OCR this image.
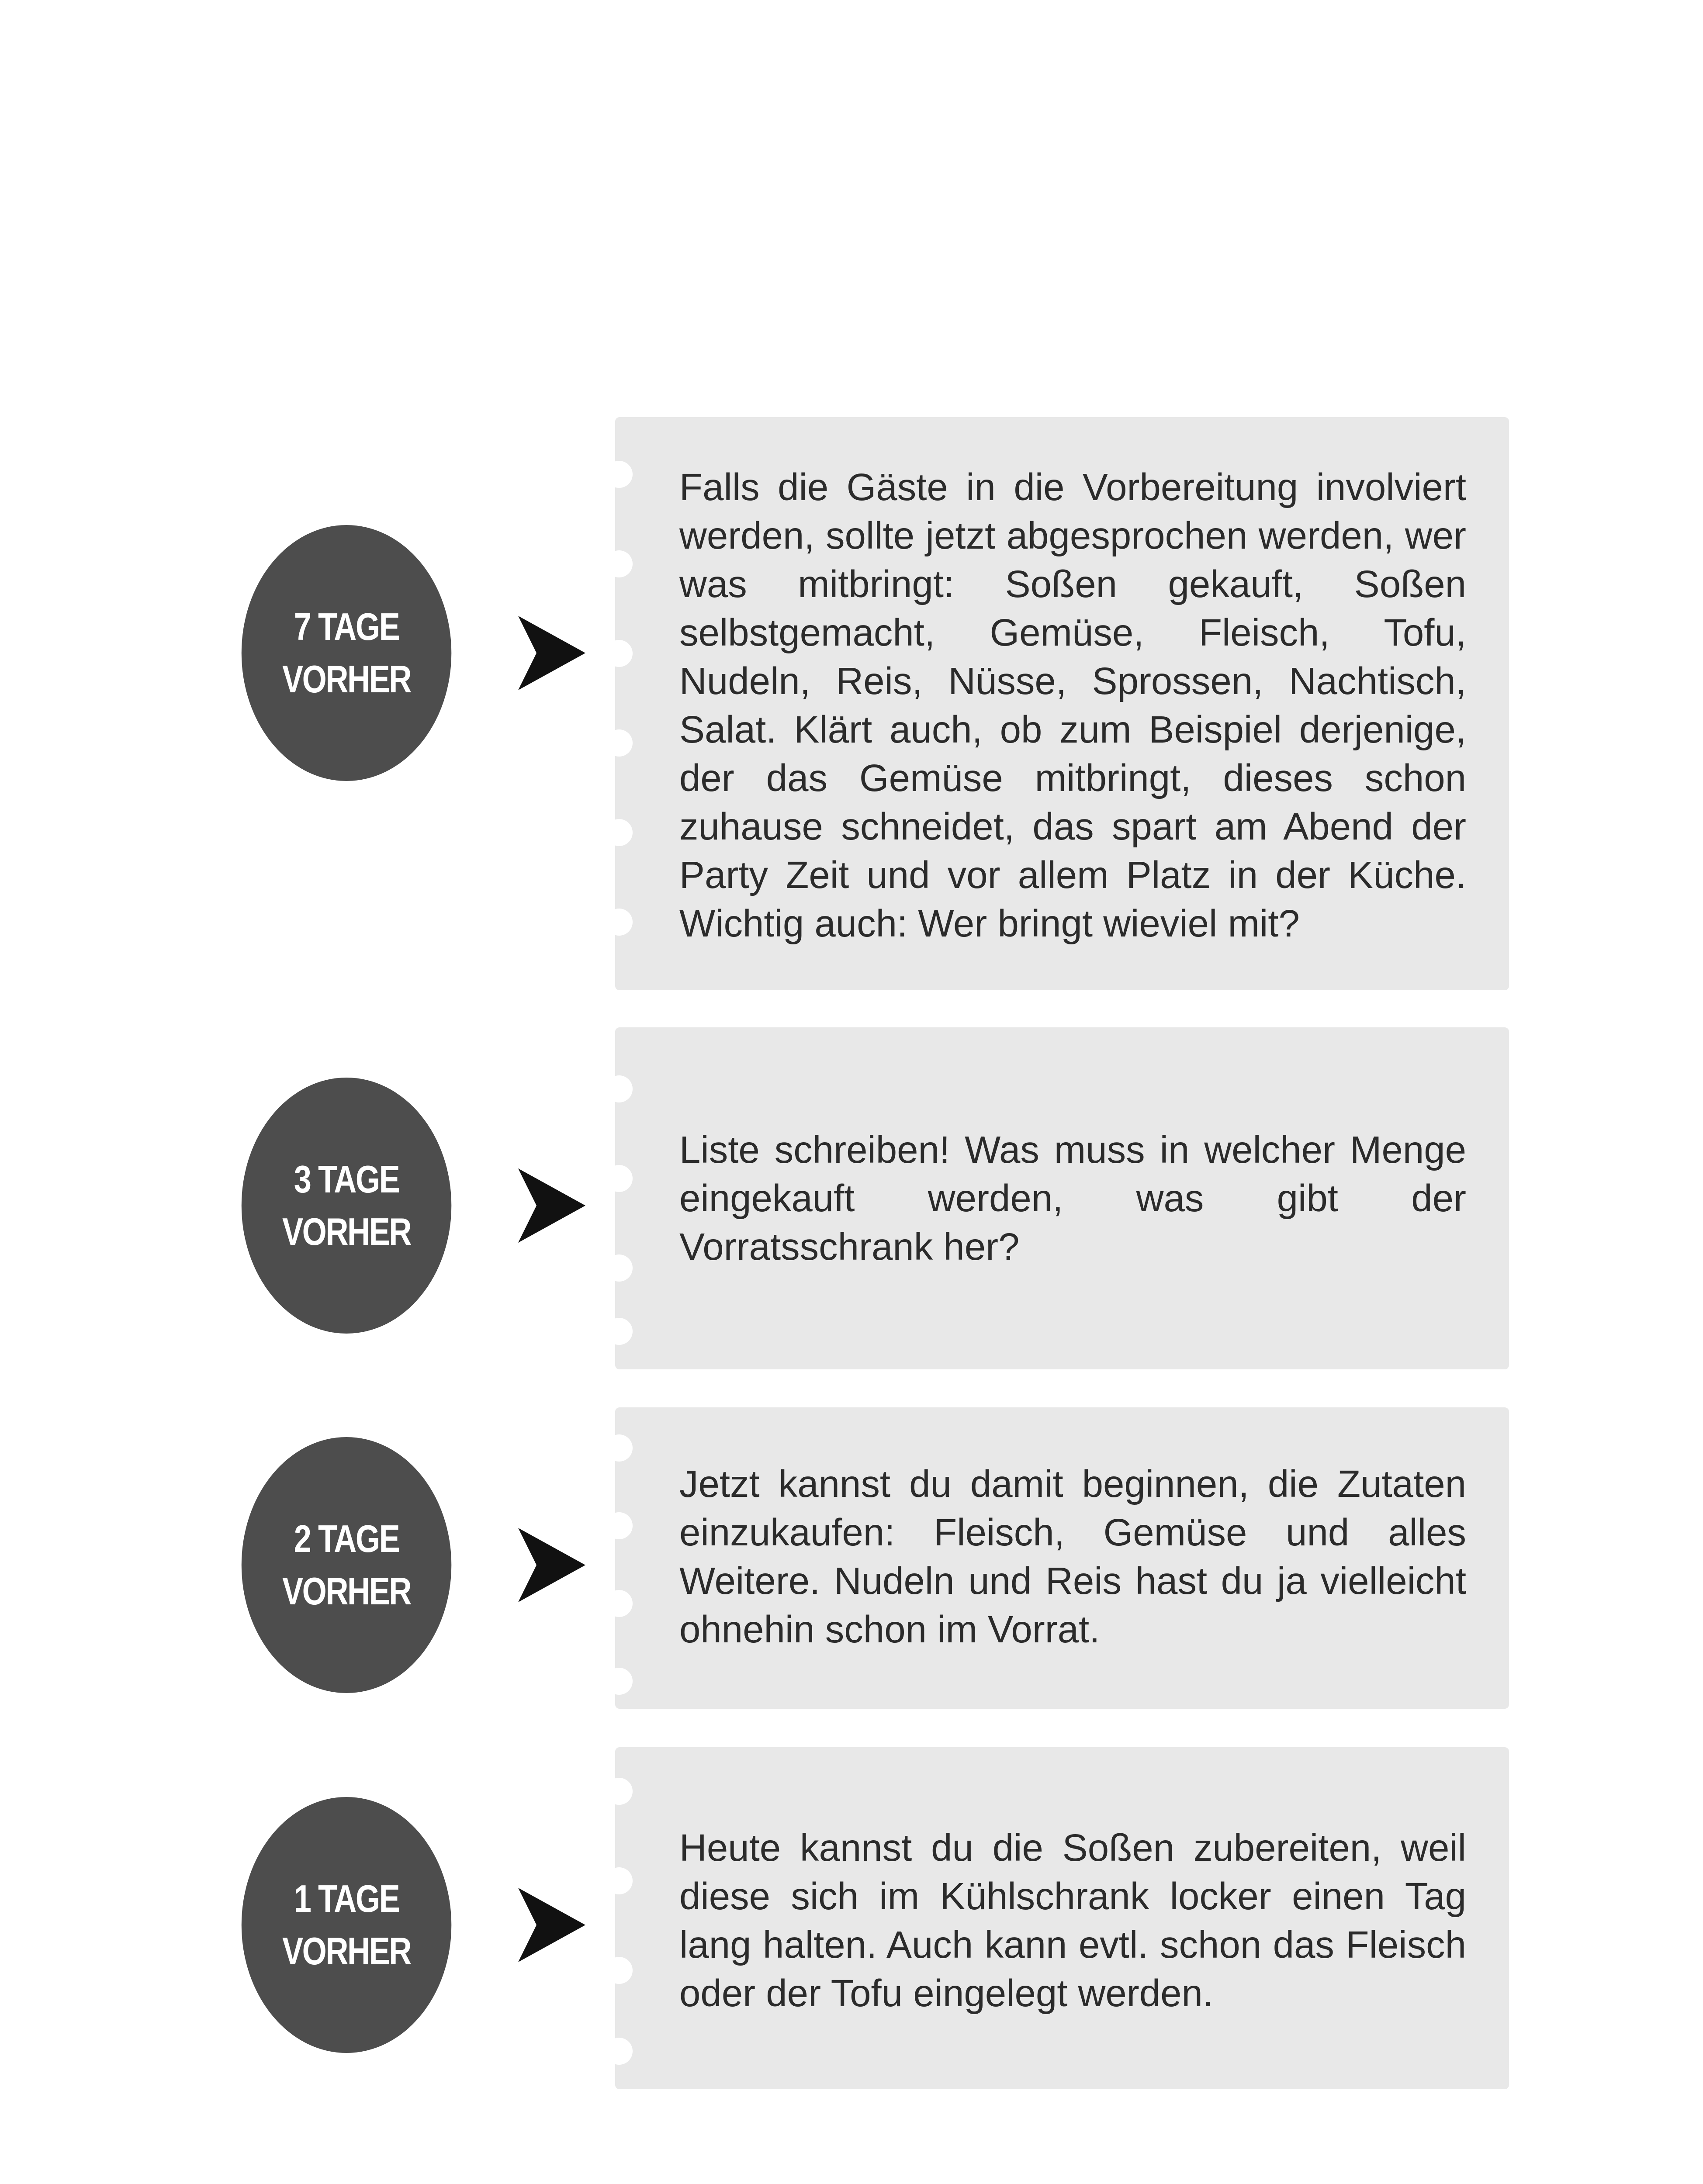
7 TAGE
VORHER

Falls die Gäste in die Vorbereitung involviert werden, sollte jetzt abgesprochen werden, wer was mitbringt: Soßen gekauft, Soßen selbstgemacht, Gemüse, Fleisch, Tofu, Nudeln, Reis, Nüsse, Sprossen, Nachtisch, Salat. Klärt auch, ob zum Beispiel derjenige, der das Gemüse mitbringt, dieses schon zuhause schneidet, das spart am Abend der Party Zeit und vor allem Platz in der Küche. Wichtig auch: Wer bringt wieviel mit?

3 TAGE
VORHER

Liste schreiben! Was muss in welcher Menge eingekauft werden, was gibt der Vorratsschrank her?

2 TAGE
VORHER

Jetzt kannst du damit beginnen, die Zutaten einzukaufen: Fleisch, Gemüse und alles Weitere. Nudeln und Reis hast du ja vielleicht ohnehin schon im Vorrat.

1 TAGE
VORHER

Heute kannst du die Soßen zubereiten, weil diese sich im Kühlschrank locker einen Tag lang halten. Auch kann evtl. schon das Fleisch oder der Tofu eingelegt werden.
